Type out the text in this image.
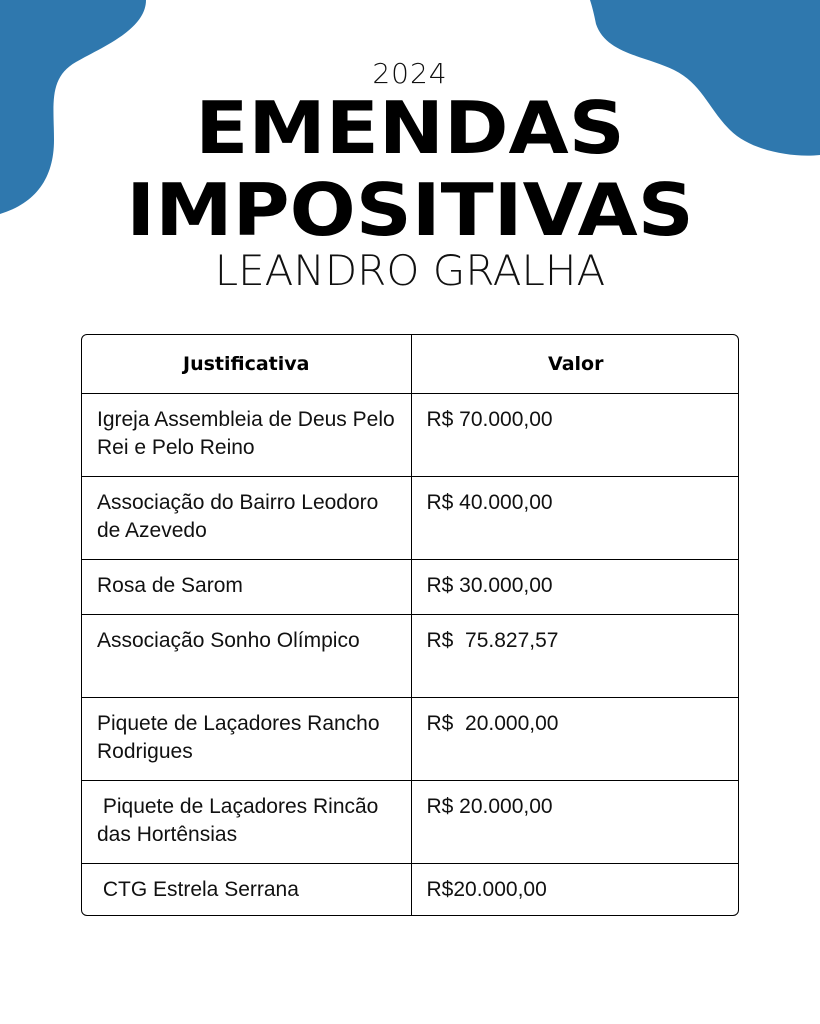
2024
EMENDAS
IMPOSITIVAS
LEANDRO GRALHA
Justificativa	Valor
Igreja Assembleia de Deus Pelo Rei e Pelo Reino	R$ 70.000,00
Associação do Bairro Leodoro de Azevedo	R$ 40.000,00
Rosa de Sarom	R$ 30.000,00
Associação Sonho Olímpico	R$  75.827,57
Piquete de Laçadores Rancho Rodrigues	R$  20.000,00
Piquete de Laçadores Rincão das Hortênsias	R$ 20.000,00
CTG Estrela Serrana	R$20.000,00
